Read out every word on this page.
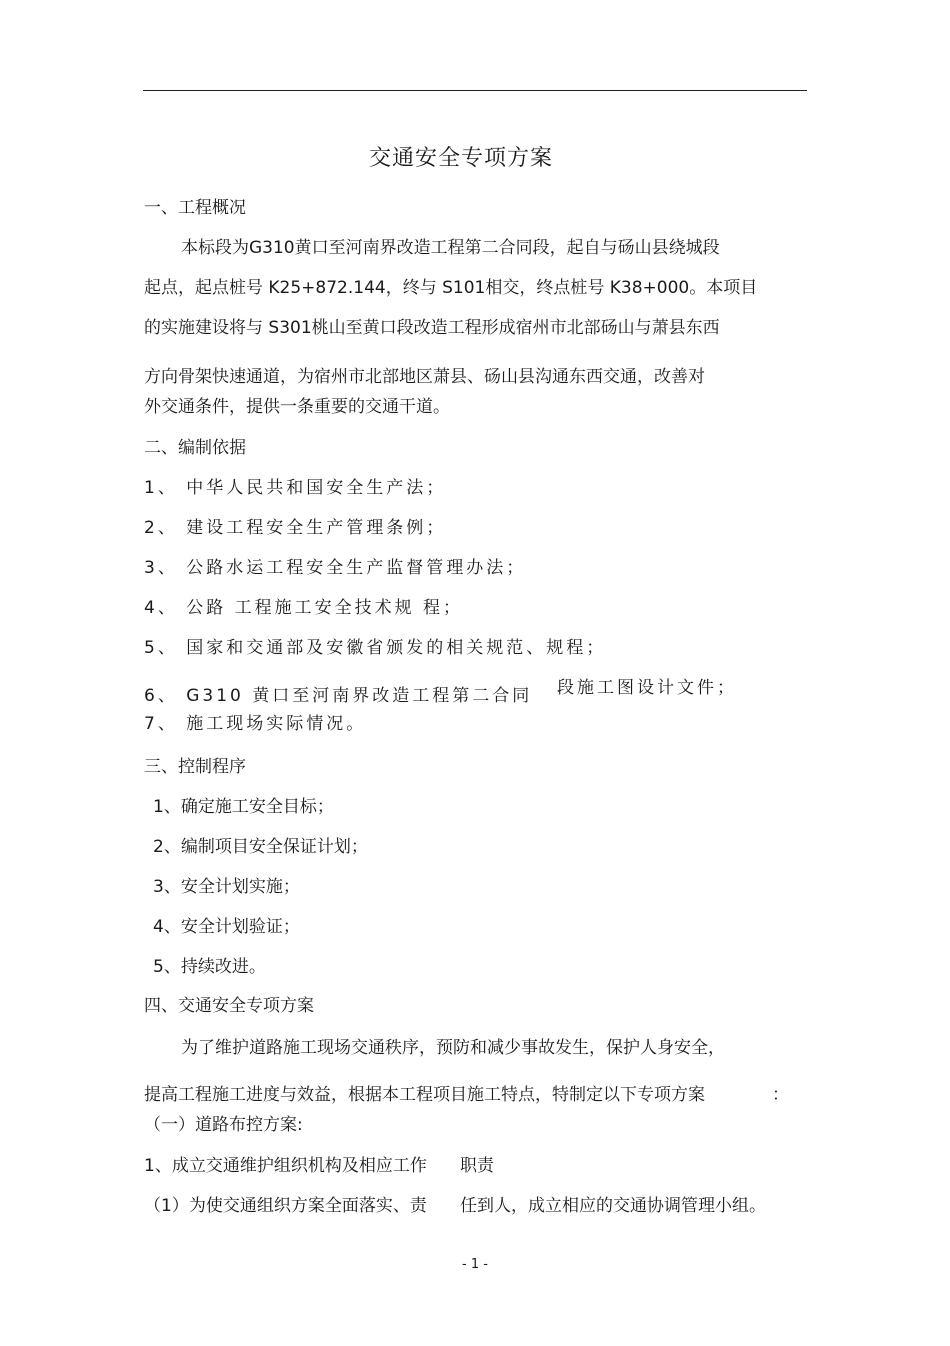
交通安全专项方案
一、工程概况
本标段为G310黄口至河南界改造工程第二合同段，起自与砀山县绕城段
起点，起点桩号 K25+872.144，终与 S101相交，终点桩号 K38+000。本项目
的实施建设将与 S301桃山至黄口段改造工程形成宿州市北部砀山与萧县东西
方向骨架快速通道，为宿州市北部地区萧县、砀山县沟通东西交通，改善对
外交通条件，提供一条重要的交通干道。
二、编制依据
1、 中华人民共和国安全生产法；
2、 建设工程安全生产管理条例；
3、 公路水运工程安全生产监督管理办法；
4、 公路 工程施工安全技术规 程；
5、 国家和交通部及安徽省颁发的相关规范、规程；
6、 G310 黄口至河南界改造工程第二合同 段施工图设计文件；
7、 施工现场实际情况。
三、控制程序
1、确定施工安全目标；
2、编制项目安全保证计划；
3、安全计划实施；
4、安全计划验证；
5、持续改进。
四、交通安全专项方案
为了维护道路施工现场交通秩序，预防和减少事故发生，保护人身安全，
提高工程施工进度与效益，根据本工程项目施工特点，特制定以下专项方案	：
（一）道路布控方案:
1、成立交通维护组织机构及相应工作 职责
（1）为使交通组织方案全面落实、责 任到人，成立相应的交通协调管理小组。
- 1 -
